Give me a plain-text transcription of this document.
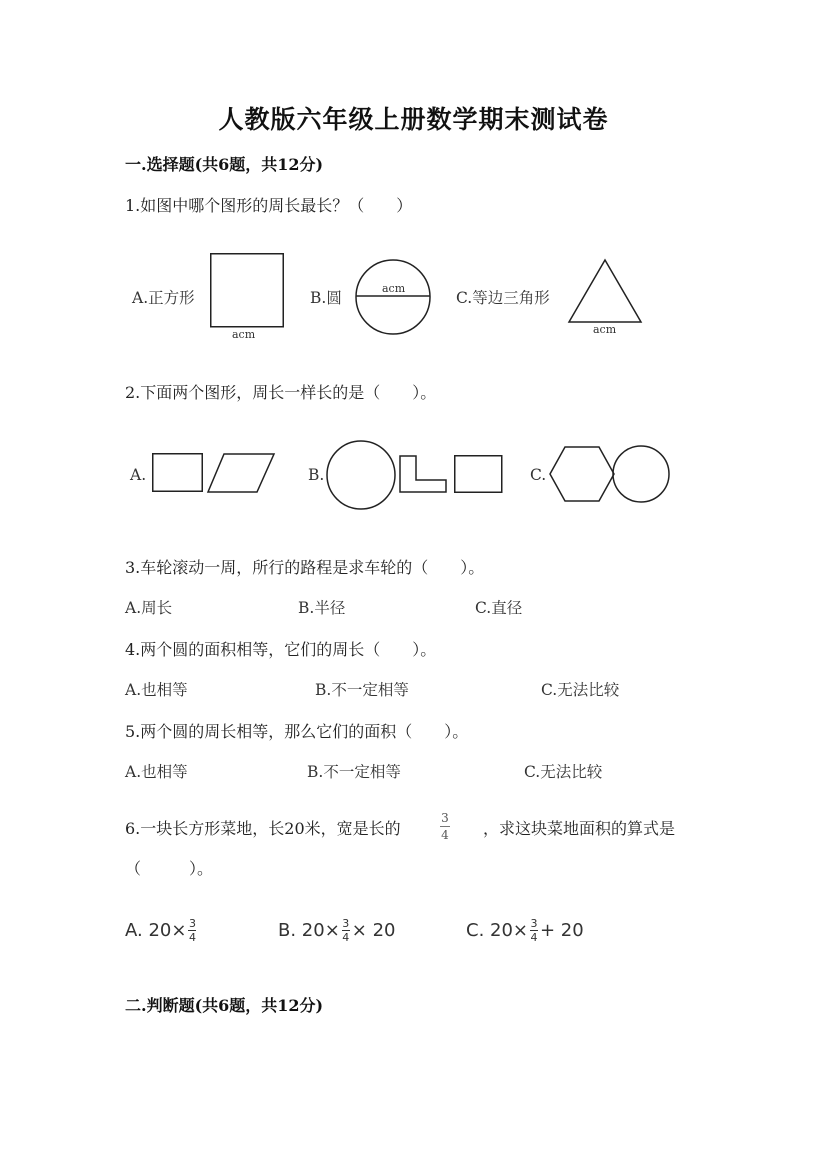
人教版六年级上册数学期末测试卷
一.选择题(共6题，共12分)
1.如图中哪个图形的周长最长？（　　）
A.正方形
acm
B.圆
acm
C.等边三角形
acm
2.下面两个图形，周长一样长的是（　　）。
A.	B.	C.
3.车轮滚动一周，所行的路程是求车轮的（　　）。
A.周长	B.半径	C.直径
4.两个圆的面积相等，它们的周长（　　）。
A.也相等	B.不一定相等	C.无法比较
5.两个圆的周长相等，那么它们的面积（　　）。
A.也相等	B.不一定相等	C.无法比较
6.一块长方形菜地，长20米，宽是长的
3
4 ，求这块菜地面积的算式是
（　　　）。
A. 20× 3
4	B. 20× 3
4 × 20	C. 20× 3
4 + 20
二.判断题(共6题，共12分)
